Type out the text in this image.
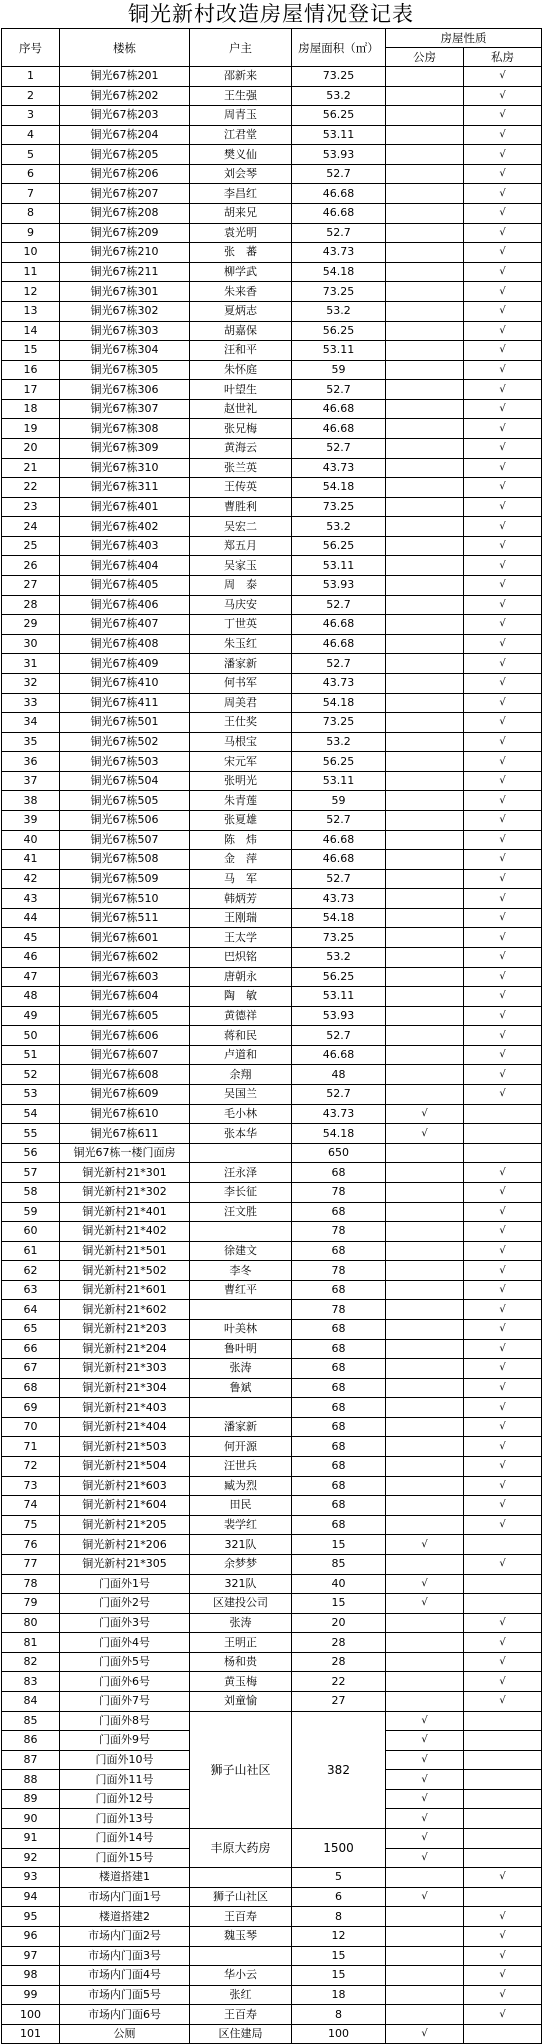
铜光新村改造房屋情况登记表
序号	楼栋	户主	房屋面积（㎡）	房屋性质	
				公房	私房
1	铜光67栋201	邵新来	73.25		√
2	铜光67栋202	王生强	53.2		√
3	铜光67栋203	周青玉	56.25		√
4	铜光67栋204	江君堂	53.11		√
5	铜光67栋205	樊义仙	53.93		√
6	铜光67栋206	刘会琴	52.7		√
7	铜光67栋207	李昌红	46.68		√
8	铜光67栋208	胡来兄	46.68		√
9	铜光67栋209	袁光明	52.7		√
10	铜光67栋210	张　蕃	43.73		√
11	铜光67栋211	柳学武	54.18		√
12	铜光67栋301	朱来香	73.25		√
13	铜光67栋302	夏炳志	53.2		√
14	铜光67栋303	胡嘉保	56.25		√
15	铜光67栋304	汪和平	53.11		√
16	铜光67栋305	朱怀庭	59		√
17	铜光67栋306	叶望生	52.7		√
18	铜光67栋307	赵世礼	46.68		√
19	铜光67栋308	张兄梅	46.68		√
20	铜光67栋309	黄海云	52.7		√
21	铜光67栋310	张兰英	43.73		√
22	铜光67栋311	王传英	54.18		√
23	铜光67栋401	曹胜利	73.25		√
24	铜光67栋402	吴宏二	53.2		√
25	铜光67栋403	郑五月	56.25		√
26	铜光67栋404	吴家玉	53.11		√
27	铜光67栋405	周　泰	53.93		√
28	铜光67栋406	马庆安	52.7		√
29	铜光67栋407	丁世英	46.68		√
30	铜光67栋408	朱玉红	46.68		√
31	铜光67栋409	潘家新	52.7		√
32	铜光67栋410	何书军	43.73		√
33	铜光67栋411	周美君	54.18		√
34	铜光67栋501	王仕奖	73.25		√
35	铜光67栋502	马根宝	53.2		√
36	铜光67栋503	宋元军	56.25		√
37	铜光67栋504	张明光	53.11		√
38	铜光67栋505	朱青莲	59		√
39	铜光67栋506	张夏雄	52.7		√
40	铜光67栋507	陈　炜	46.68		√
41	铜光67栋508	金　萍	46.68		√
42	铜光67栋509	马　军	52.7		√
43	铜光67栋510	韩炳芳	43.73		√
44	铜光67栋511	王刚瑞	54.18		√
45	铜光67栋601	王太学	73.25		√
46	铜光67栋602	巴炽铭	53.2		√
47	铜光67栋603	唐朝永	56.25		√
48	铜光67栋604	陶　敏	53.11		√
49	铜光67栋605	黄德祥	53.93		√
50	铜光67栋606	蒋和民	52.7		√
51	铜光67栋607	卢道和	46.68		√
52	铜光67栋608	余翔	48		√
53	铜光67栋609	吴国兰	52.7		√
54	铜光67栋610	毛小林	43.73	√	
55	铜光67栋611	张本华	54.18	√	
56	铜光67栋一楼门面房		650		
57	铜光新村21*301	汪永泽	68		√
58	铜光新村21*302	李长征	78		√
59	铜光新村21*401	汪文胜	68		√
60	铜光新村21*402		78		√
61	铜光新村21*501	徐建文	68		√
62	铜光新村21*502	李冬	78		√
63	铜光新村21*601	曹红平	68		√
64	铜光新村21*602		78		√
65	铜光新村21*203	叶美林	68		√
66	铜光新村21*204	鲁叶明	68		√
67	铜光新村21*303	张涛	68		√
68	铜光新村21*304	鲁斌	68		√
69	铜光新村21*403		68		√
70	铜光新村21*404	潘家新	68		√
71	铜光新村21*503	何开源	68		√
72	铜光新村21*504	汪世兵	68		√
73	铜光新村21*603	臧为烈	68		√
74	铜光新村21*604	田民	68		√
75	铜光新村21*205	裴学红	68		√
76	铜光新村21*206	321队	15	√	
77	铜光新村21*305	余梦梦	85		√
78	门面外1号	321队	40	√	
79	门面外2号	区建投公司	15	√	
80	门面外3号	张涛	20		√
81	门面外4号	王明正	28		√
82	门面外5号	杨和贵	28		√
83	门面外6号	黄玉梅	22		√
84	门面外7号	刘童愉	27		√
85	门面外8号	狮子山社区	382	√	
86	门面外9号			√	
87	门面外10号			√	
88	门面外11号			√	
89	门面外12号			√	
90	门面外13号			√	
91	门面外14号	丰原大药房	1500	√	
92	门面外15号			√	
93	楼道搭建1		5		√
94	市场内门面1号	狮子山社区	6	√	
95	楼道搭建2	王百寿	8		√
96	市场内门面2号	魏玉琴	12		√
97	市场内门面3号		15		√
98	市场内门面4号	华小云	15		√
99	市场内门面5号	张红	18		√
100	市场内门面6号	王百寿	8		√
101	公厕	区住建局	100	√	
